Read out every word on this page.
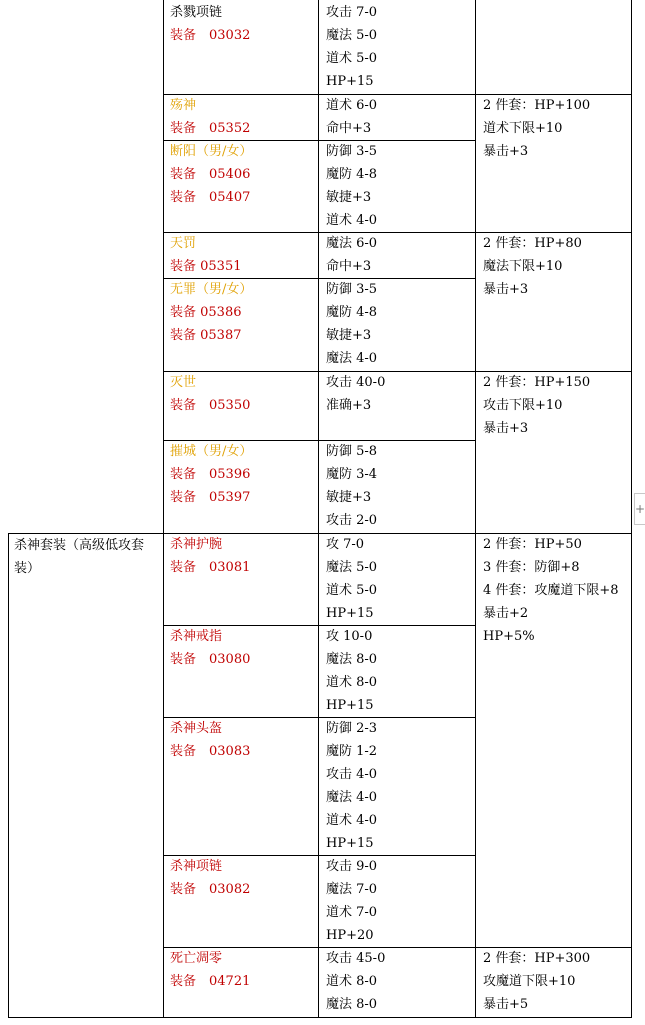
杀神套装（高级低攻套
装）
杀戮项链
装备　03032
攻击 7-0
魔法 5-0
道术 5-0
HP+15
殇神
装备　05352
道术 6-0
命中+3
2 件套：HP+100
道术下限+10
暴击+3
断阳（男/女）
装备　05406
装备　05407
防御 3-5
魔防 4-8
敏捷+3
道术 4-0
天罚
装备 05351
魔法 6-0
命中+3
2 件套：HP+80
魔法下限+10
暴击+3
无罪（男/女）
装备 05386
装备 05387
防御 3-5
魔防 4-8
敏捷+3
魔法 4-0
灭世
装备　05350
攻击 40-0
准确+3
2 件套：HP+150
攻击下限+10
暴击+3
摧城（男/女）
装备　05396
装备　05397
防御 5-8
魔防 3-4
敏捷+3
攻击 2-0
杀神护腕
装备　03081
攻 7-0
魔法 5-0
道术 5-0
HP+15
2 件套：HP+50
3 件套：防御+8
4 件套：攻魔道下限+8
暴击+2
HP+5%
杀神戒指
装备　03080
攻 10-0
魔法 8-0
道术 8-0
HP+15
杀神头盔
装备　03083
防御 2-3
魔防 1-2
攻击 4-0
魔法 4-0
道术 4-0
HP+15
杀神项链
装备　03082
攻击 9-0
魔法 7-0
道术 7-0
HP+20
死亡凋零
装备　04721
攻击 45-0
道术 8-0
魔法 8-0
2 件套：HP+300
攻魔道下限+10
暴击+5
+
